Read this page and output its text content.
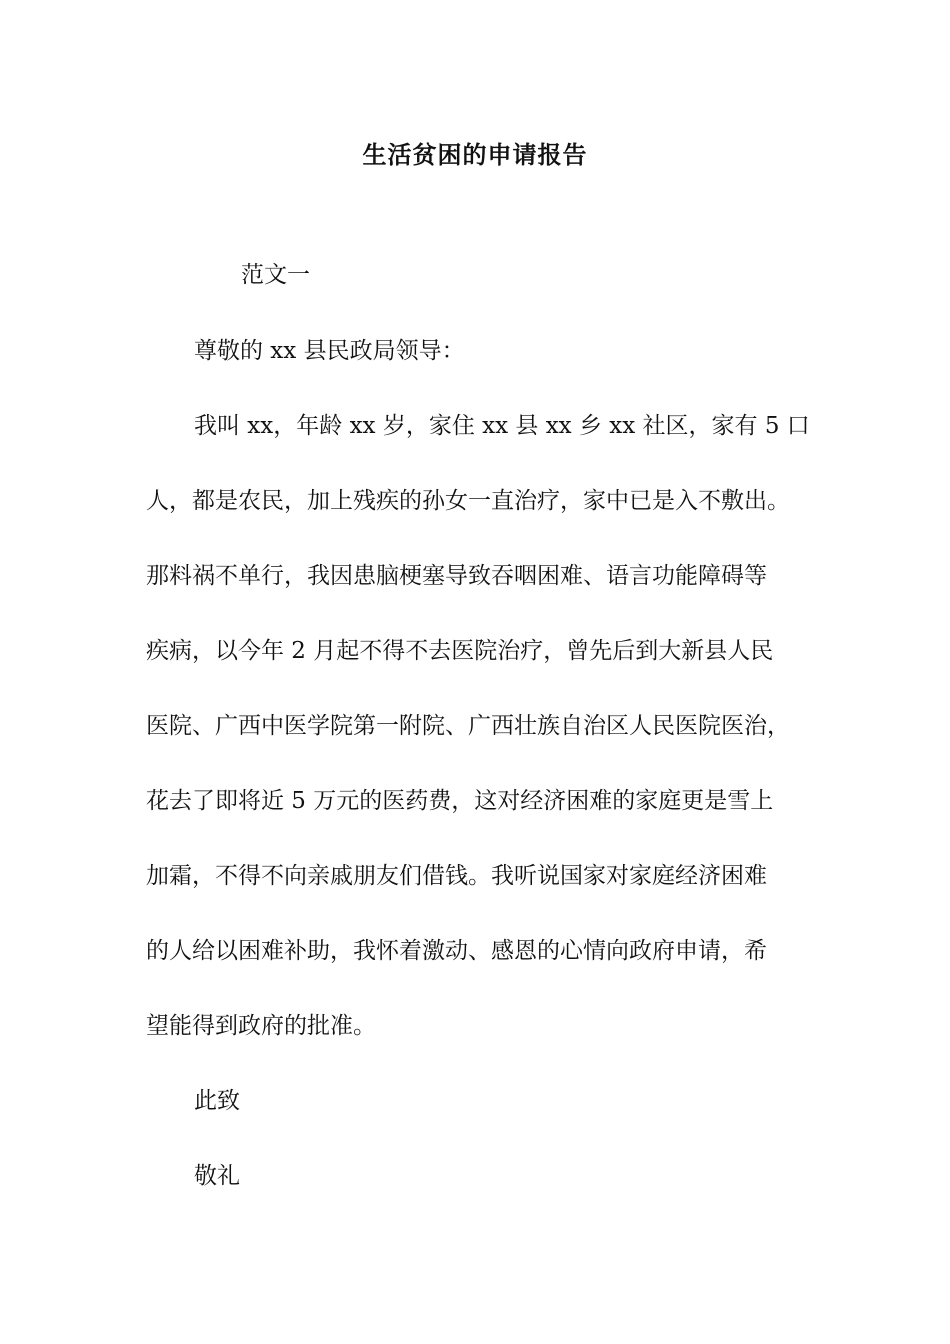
生活贫困的申请报告
范文一
尊敬的 xx 县民政局领导：
我叫 xx，年龄 xx 岁，家住 xx 县 xx 乡 xx 社区，家有 5 口
人，都是农民，加上残疾的孙女一直治疗，家中已是入不敷出。
那料祸不单行，我因患脑梗塞导致吞咽困难、语言功能障碍等
疾病，以今年 2 月起不得不去医院治疗，曾先后到大新县人民
医院、广西中医学院第一附院、广西壮族自治区人民医院医治，
花去了即将近 5 万元的医药费，这对经济困难的家庭更是雪上
加霜，不得不向亲戚朋友们借钱。我听说国家对家庭经济困难
的人给以困难补助，我怀着激动、感恩的心情向政府申请，希
望能得到政府的批准。
此致
敬礼
